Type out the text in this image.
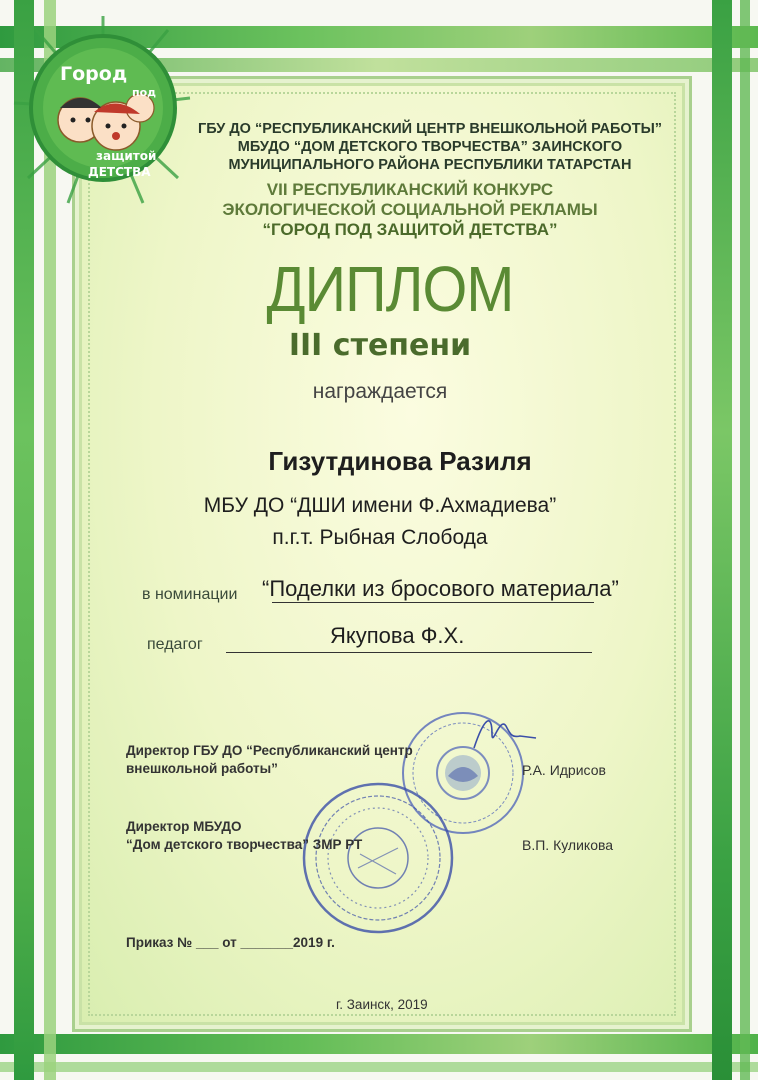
Город
под
защитой
ДЕТСТВА
ГБУ ДО “РЕСПУБЛИКАНСКИЙ ЦЕНТР ВНЕШКОЛЬНОЙ РАБОТЫ”
МБУДО “ДОМ ДЕТСКОГО ТВОРЧЕСТВА” ЗАИНСКОГО
МУНИЦИПАЛЬНОГО РАЙОНА РЕСПУБЛИКИ ТАТАРСТАН
VII РЕСПУБЛИКАНСКИЙ КОНКУРС
ЭКОЛОГИЧЕСКОЙ СОЦИАЛЬНОЙ РЕКЛАМЫ
“ГОРОД ПОД ЗАЩИТОЙ ДЕТСТВА”
ДИПЛОМ
III степени
награждается
Гизутдинова Разиля
МБУ ДО “ДШИ имени Ф.Ахмадиева”
п.г.т. Рыбная Слобода
в номинации “Поделки из бросового материала”
педагог	Якупова Ф.Х.
Директор ГБУ ДО “Республиканский центр
внешкольной работы”	Р.А. Идрисов
Директор МБУДО
“Дом детского творчества” ЗМР РТ	В.П. Куликова
Приказ № ___ от _______2019 г.
г. Заинск, 2019
